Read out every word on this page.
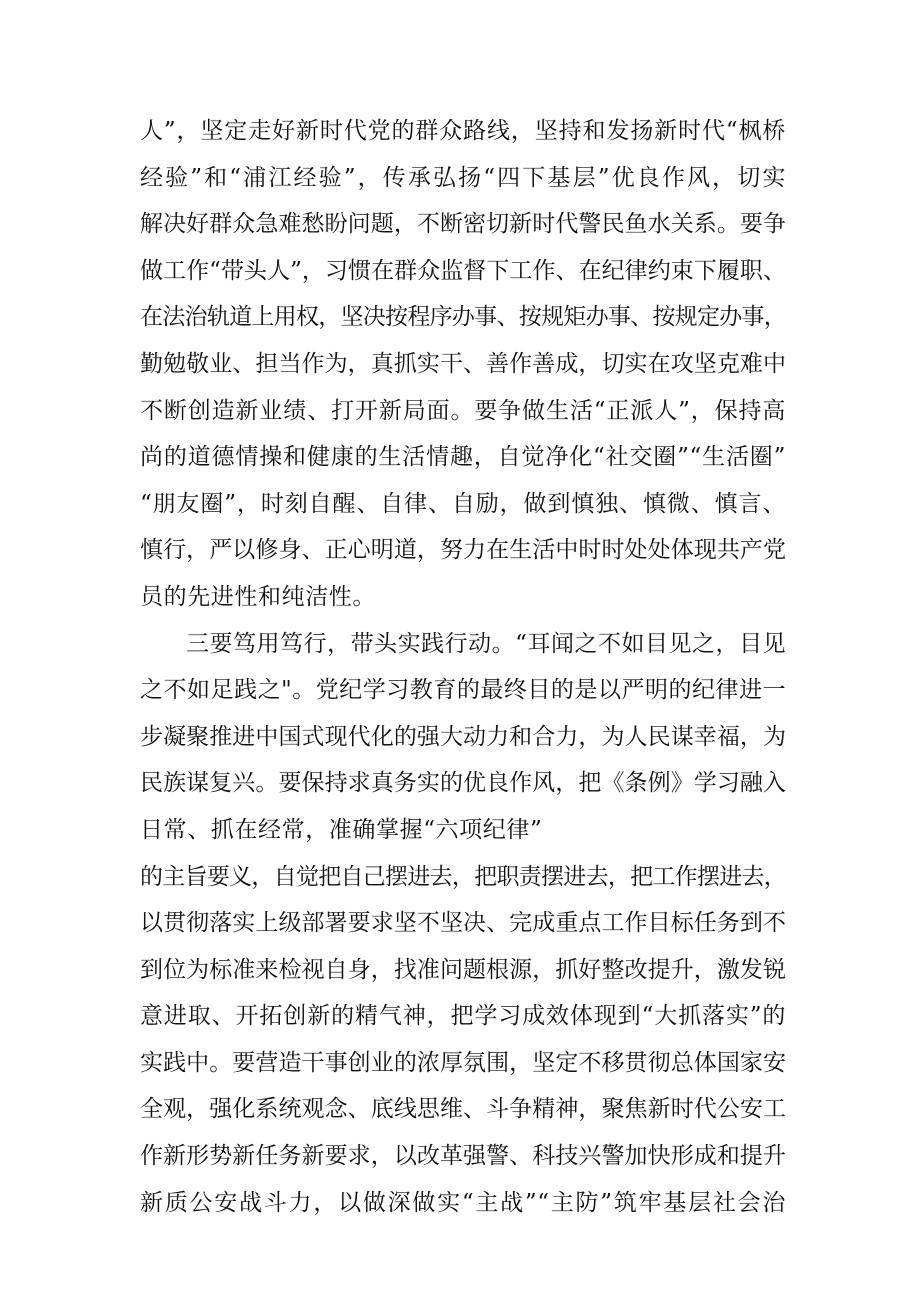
人”，坚定走好新时代党的群众路线，坚持和发扬新时代“枫桥
经验”和“浦江经验”，传承弘扬“四下基层”优良作风，切实
解决好群众急难愁盼问题，不断密切新时代警民鱼水关系。要争
做工作“带头人”，习惯在群众监督下工作、在纪律约束下履职、
在法治轨道上用权，坚决按程序办事、按规矩办事、按规定办事，
勤勉敬业、担当作为，真抓实干、善作善成，切实在攻坚克难中
不断创造新业绩、打开新局面。要争做生活“正派人”，保持高
尚的道德情操和健康的生活情趣，自觉净化“社交圈”“生活圈”
“朋友圈”，时刻自醒、自律、自励，做到慎独、慎微、慎言、
慎行，严以修身、正心明道，努力在生活中时时处处体现共产党
员的先进性和纯洁性。
三要笃用笃行，带头实践行动。“耳闻之不如目见之，目见
之不如足践之"。党纪学习教育的最终目的是以严明的纪律进一
步凝聚推进中国式现代化的强大动力和合力，为人民谋幸福，为
民族谋复兴。要保持求真务实的优良作风，把《条例》学习融入
日常、抓在经常，准确掌握“六项纪律”
的主旨要义，自觉把自己摆进去，把职责摆进去，把工作摆进去，
以贯彻落实上级部署要求坚不坚决、完成重点工作目标任务到不
到位为标准来检视自身，找准问题根源，抓好整改提升，激发锐
意进取、开拓创新的精气神，把学习成效体现到“大抓落实”的
实践中。要营造干事创业的浓厚氛围，坚定不移贯彻总体国家安
全观，强化系统观念、底线思维、斗争精神，聚焦新时代公安工
作新形势新任务新要求，以改革强警、科技兴警加快形成和提升
新质公安战斗力，以做深做实“主战”“主防”筑牢基层社会治
